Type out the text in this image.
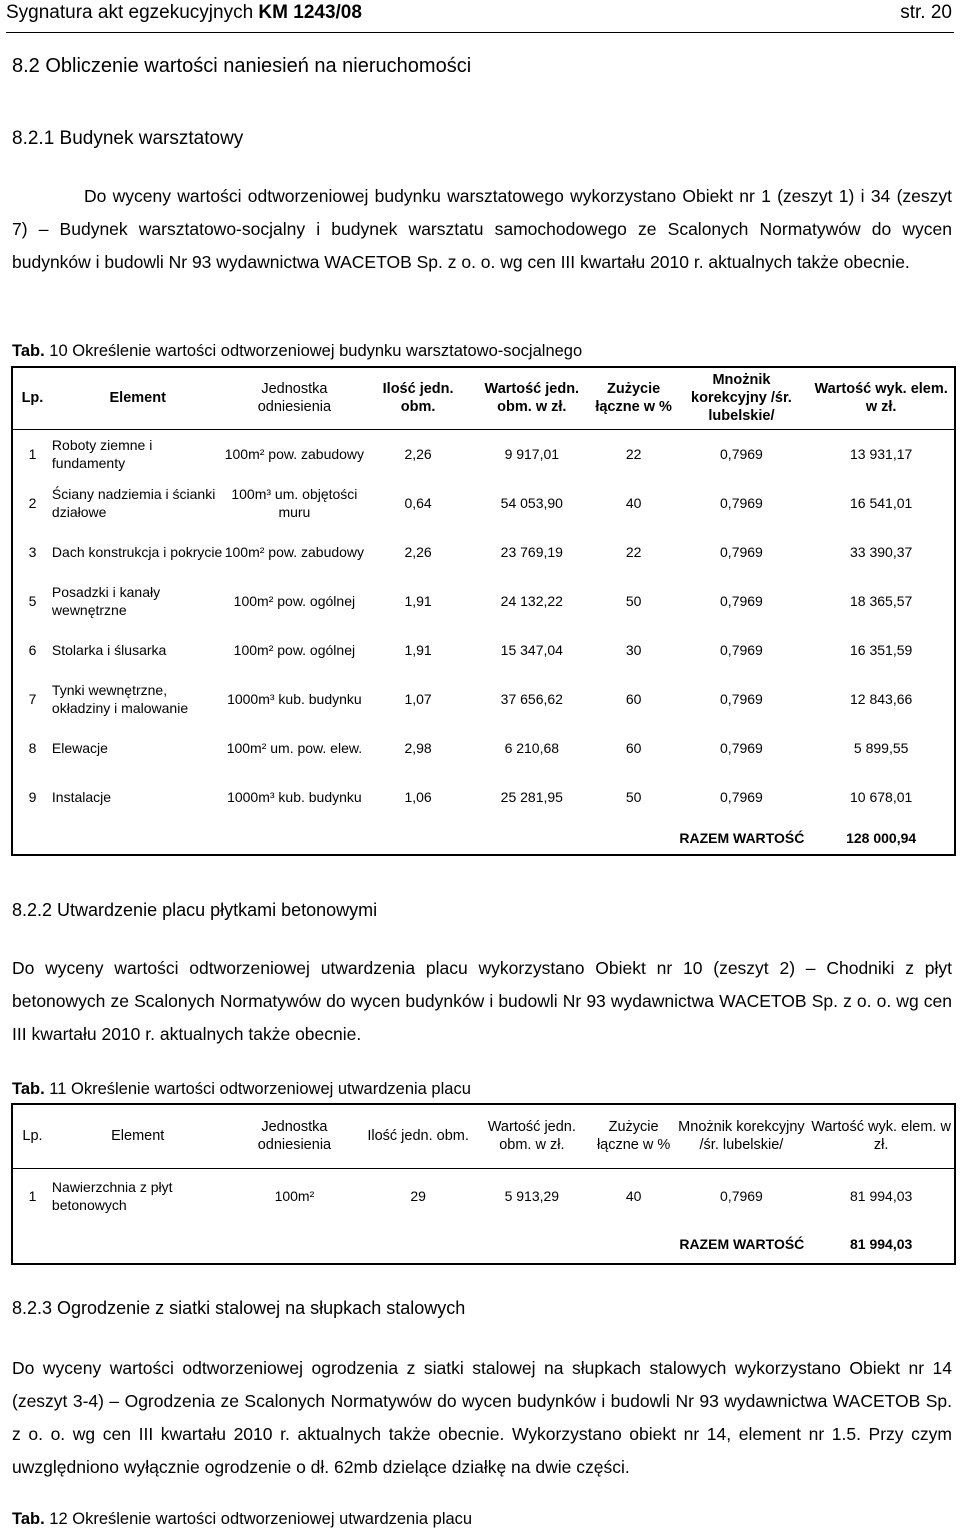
Sygnatura akt egzekucyjnych KM 1243/08	str. 20
8.2 Obliczenie wartości naniesień na nieruchomości
8.2.1 Budynek warsztatowy
Do wyceny wartości odtworzeniowej budynku warsztatowego wykorzystano Obiekt nr 1 (zeszyt 1) i 34 (zeszyt 7) – Budynek warsztatowo-socjalny i budynek warsztatu samochodowego ze Scalonych Normatywów do wycen budynków i budowli Nr 93 wydawnictwa WACETOB Sp. z o. o. wg cen III kwartału 2010 r. aktualnych także obecnie.
Tab. 10 Określenie wartości odtworzeniowej budynku warsztatowo-socjalnego
Lp.	Element	Jednostka odniesienia	Ilość jedn. obm.	Wartość jedn. obm. w zł.	Zużycie łączne w %	Mnożnik korekcyjny /śr. lubelskie/	Wartość wyk. elem. w zł.
1	Roboty ziemne i fundamenty	100m² pow. zabudowy	2,26	9 917,01	22	0,7969	13 931,17
2	Ściany nadziemia i ścianki działowe	100m³ um. objętości muru	0,64	54 053,90	40	0,7969	16 541,01
3	Dach konstrukcja i pokrycie	100m² pow. zabudowy	2,26	23 769,19	22	0,7969	33 390,37
5	Posadzki i kanały wewnętrzne	100m² pow. ogólnej	1,91	24 132,22	50	0,7969	18 365,57
6	Stolarka i ślusarka	100m² pow. ogólnej	1,91	15 347,04	30	0,7969	16 351,59
7	Tynki wewnętrzne, okładziny i malowanie	1000m³ kub. budynku	1,07	37 656,62	60	0,7969	12 843,66
8	Elewacje	100m² um. pow. elew.	2,98	6 210,68	60	0,7969	5 899,55
9	Instalacje	1000m³ kub. budynku	1,06	25 281,95	50	0,7969	10 678,01
RAZEM WARTOŚĆ							128 000,94
8.2.2 Utwardzenie placu płytkami betonowymi
Do wyceny wartości odtworzeniowej utwardzenia placu wykorzystano Obiekt nr 10 (zeszyt 2) – Chodniki z płyt betonowych ze Scalonych Normatywów do wycen budynków i budowli Nr 93 wydawnictwa WACETOB Sp. z o. o. wg cen III kwartału 2010 r. aktualnych także obecnie.
Tab. 11 Określenie wartości odtworzeniowej utwardzenia placu
Lp.	Element	Jednostka odniesienia	Ilość jedn. obm.	Wartość jedn. obm. w zł.	Zużycie łączne w %	Mnożnik korekcyjny /śr. lubelskie/	Wartość wyk. elem. w zł.
1	Nawierzchnia z płyt betonowych	100m²	29	5 913,29	40	0,7969	81 994,03
RAZEM WARTOŚĆ							81 994,03
8.2.3 Ogrodzenie z siatki stalowej na słupkach stalowych
Do wyceny wartości odtworzeniowej ogrodzenia z siatki stalowej na słupkach stalowych wykorzystano Obiekt nr 14 (zeszyt 3-4) – Ogrodzenia ze Scalonych Normatywów do wycen budynków i budowli Nr 93 wydawnictwa WACETOB Sp. z o. o. wg cen III kwartału 2010 r. aktualnych także obecnie. Wykorzystano obiekt nr 14, element nr 1.5. Przy czym uwzględniono wyłącznie ogrodzenie o dł. 62mb dzielące działkę na dwie części.
Tab. 12 Określenie wartości odtworzeniowej utwardzenia placu
